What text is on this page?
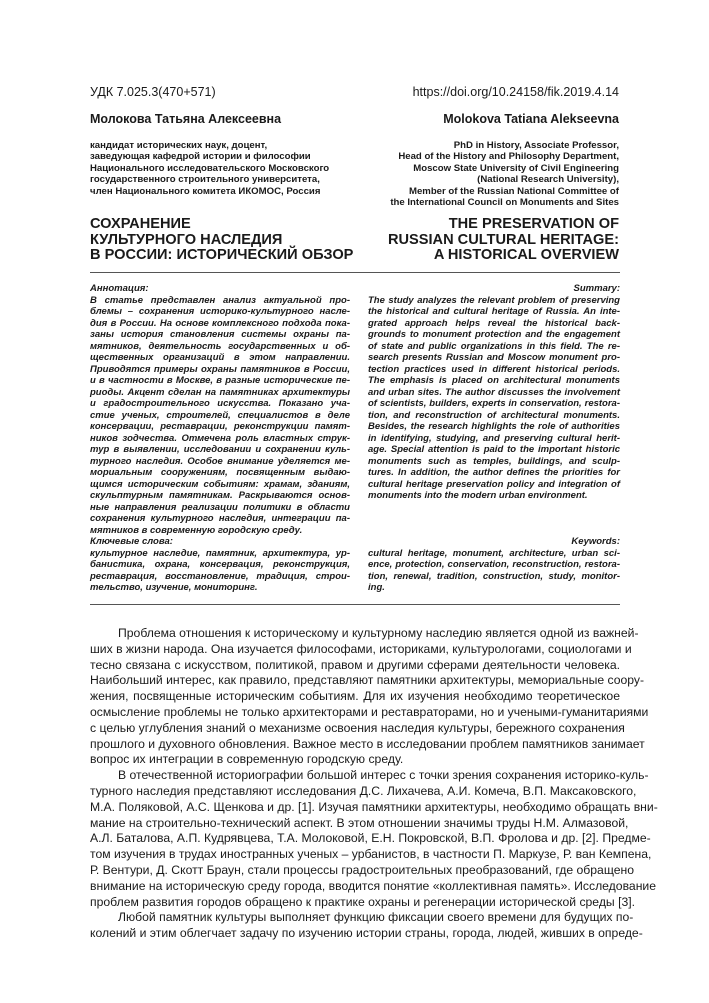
УДК 7.025.3(470+571)	https://doi.org/10.24158/fik.2019.4.14
Молокова Татьяна Алексеевна	Molokova Tatiana Alekseevna
кандидат исторических наук, доцент,
заведующая кафедрой истории и философии
Национального исследовательского Московского
государственного строительного университета,
член Национального комитета ИКОМОС, Россия
PhD in History, Associate Professor,
Head of the History and Philosophy Department,
Moscow State University of Civil Engineering
(National Research University),
Member of the Russian National Committee of
the International Council on Monuments and Sites
СОХРАНЕНИЕ
КУЛЬТУРНОГО НАСЛЕДИЯ
В РОССИИ: ИСТОРИЧЕСКИЙ ОБЗОР
THE PRESERVATION OF
RUSSIAN CULTURAL HERITAGE:
A HISTORICAL OVERVIEW
Аннотация:
В статье представлен анализ актуальной про-
блемы – сохранения историко-культурного насле-
дия в России. На основе комплексного подхода пока-
заны история становления системы охраны па-
мятников, деятельность государственных и об-
щественных организаций в этом направлении.
Приводятся примеры охраны памятников в России,
и в частности в Москве, в разные исторические пе-
риоды. Акцент сделан на памятниках архитектуры
и градостроительного искусства. Показано уча-
стие ученых, строителей, специалистов в деле
консервации, реставрации, реконструкции памят-
ников зодчества. Отмечена роль властных струк-
тур в выявлении, исследовании и сохранении куль-
турного наследия. Особое внимание уделяется ме-
мориальным сооружениям, посвященным выдаю-
щимся историческим событиям: храмам, зданиям,
скульптурным памятникам. Раскрываются основ-
ные направления реализации политики в области
сохранения культурного наследия, интеграции па-
мятников в современную городскую среду.
Summary:
The study analyzes the relevant problem of preserving
the historical and cultural heritage of Russia. An inte-
grated approach helps reveal the historical back-
grounds to monument protection and the engagement
of state and public organizations in this field. The re-
search presents Russian and Moscow monument pro-
tection practices used in different historical periods.
The emphasis is placed on architectural monuments
and urban sites. The author discusses the involvement
of scientists, builders, experts in conservation, restora-
tion, and reconstruction of architectural monuments.
Besides, the research highlights the role of authorities
in identifying, studying, and preserving cultural herit-
age. Special attention is paid to the important historic
monuments such as temples, buildings, and sculp-
tures. In addition, the author defines the priorities for
cultural heritage preservation policy and integration of
monuments into the modern urban environment.
Ключевые слова:
культурное наследие, памятник, архитектура, ур-
банистика, охрана, консервация, реконструкция,
реставрация, восстановление, традиция, строи-
тельство, изучение, мониторинг.
Keywords:
cultural heritage, monument, architecture, urban sci-
ence, protection, conservation, reconstruction, restora-
tion, renewal, tradition, construction, study, monitor-
ing.
Проблема отношения к историческому и культурному наследию является одной из важней-
ших в жизни народа. Она изучается философами, историками, культурологами, социологами и
тесно связана с искусством, политикой, правом и другими сферами деятельности человека.
Наибольший интерес, как правило, представляют памятники архитектуры, мемориальные соору-
жения, посвященные историческим событиям. Для их изучения необходимо теоретическое
осмысление проблемы не только архитекторами и реставраторами, но и учеными-гуманитариями
с целью углубления знаний о механизме освоения наследия культуры, бережного сохранения
прошлого и духовного обновления. Важное место в исследовании проблем памятников занимает
вопрос их интеграции в современную городскую среду.
В отечественной историографии большой интерес с точки зрения сохранения историко-куль-
турного наследия представляют исследования Д.С. Лихачева, А.И. Комеча, В.П. Максаковского,
М.А. Поляковой, А.С. Щенкова и др. [1]. Изучая памятники архитектуры, необходимо обращать вни-
мание на строительно-технический аспект. В этом отношении значимы труды Н.М. Алмазовой,
А.Л. Баталова, А.П. Кудрявцева, Т.А. Молоковой, Е.Н. Покровской, В.П. Фролова и др. [2]. Предме-
том изучения в трудах иностранных ученых – урбанистов, в частности П. Маркузе, Р. ван Кемпена,
Р. Вентури, Д. Скотт Браун, стали процессы градостроительных преобразований, где обращено
внимание на историческую среду города, вводится понятие «коллективная память». Исследование
проблем развития городов обращено к практике охраны и регенерации исторической среды [3].
Любой памятник культуры выполняет функцию фиксации своего времени для будущих по-
колений и этим облегчает задачу по изучению истории страны, города, людей, живших в опреде-
